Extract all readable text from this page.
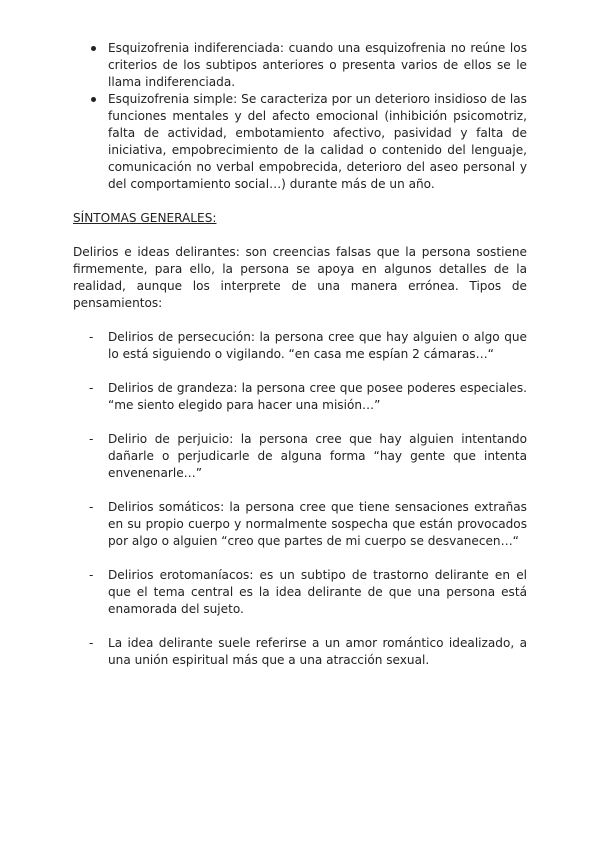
Esquizofrenia indiferenciada: cuando una esquizofrenia no reúne los criterios de los subtipos anteriores o presenta varios de ellos se le llama indiferenciada.
Esquizofrenia simple: Se caracteriza por un deterioro insidioso de las funciones mentales y del afecto emocional (inhibición psicomotriz, falta de actividad, embotamiento afectivo, pasividad y falta de iniciativa, empobrecimiento de la calidad o contenido del lenguaje, comunicación no verbal empobrecida, deterioro del aseo personal y del comportamiento social…) durante más de un año.
SÍNTOMAS GENERALES:

Delirios e ideas delirantes: son creencias falsas que la persona sostiene firmemente, para ello, la persona se apoya en algunos detalles de la realidad, aunque los interprete de una manera errónea. Tipos de pensamientos:

- Delirios de persecución: la persona cree que hay alguien o algo que lo está siguiendo o vigilando. “en casa me espían 2 cámaras…“
- Delirios de grandeza: la persona cree que posee poderes especiales. “me siento elegido para hacer una misión…”
- Delirio de perjuicio: la persona cree que hay alguien intentando dañarle o perjudicarle de alguna forma “hay gente que intenta envenenarle…”
- Delirios somáticos: la persona cree que tiene sensaciones extrañas en su propio cuerpo y normalmente sospecha que están provocados por algo o alguien “creo que partes de mi cuerpo se desvanecen…“
- Delirios erotomaníacos: es un subtipo de trastorno delirante en el que el tema central es la idea delirante de que una persona está enamorada del sujeto.
- La idea delirante suele referirse a un amor romántico idealizado, a una unión espiritual más que a una atracción sexual.
